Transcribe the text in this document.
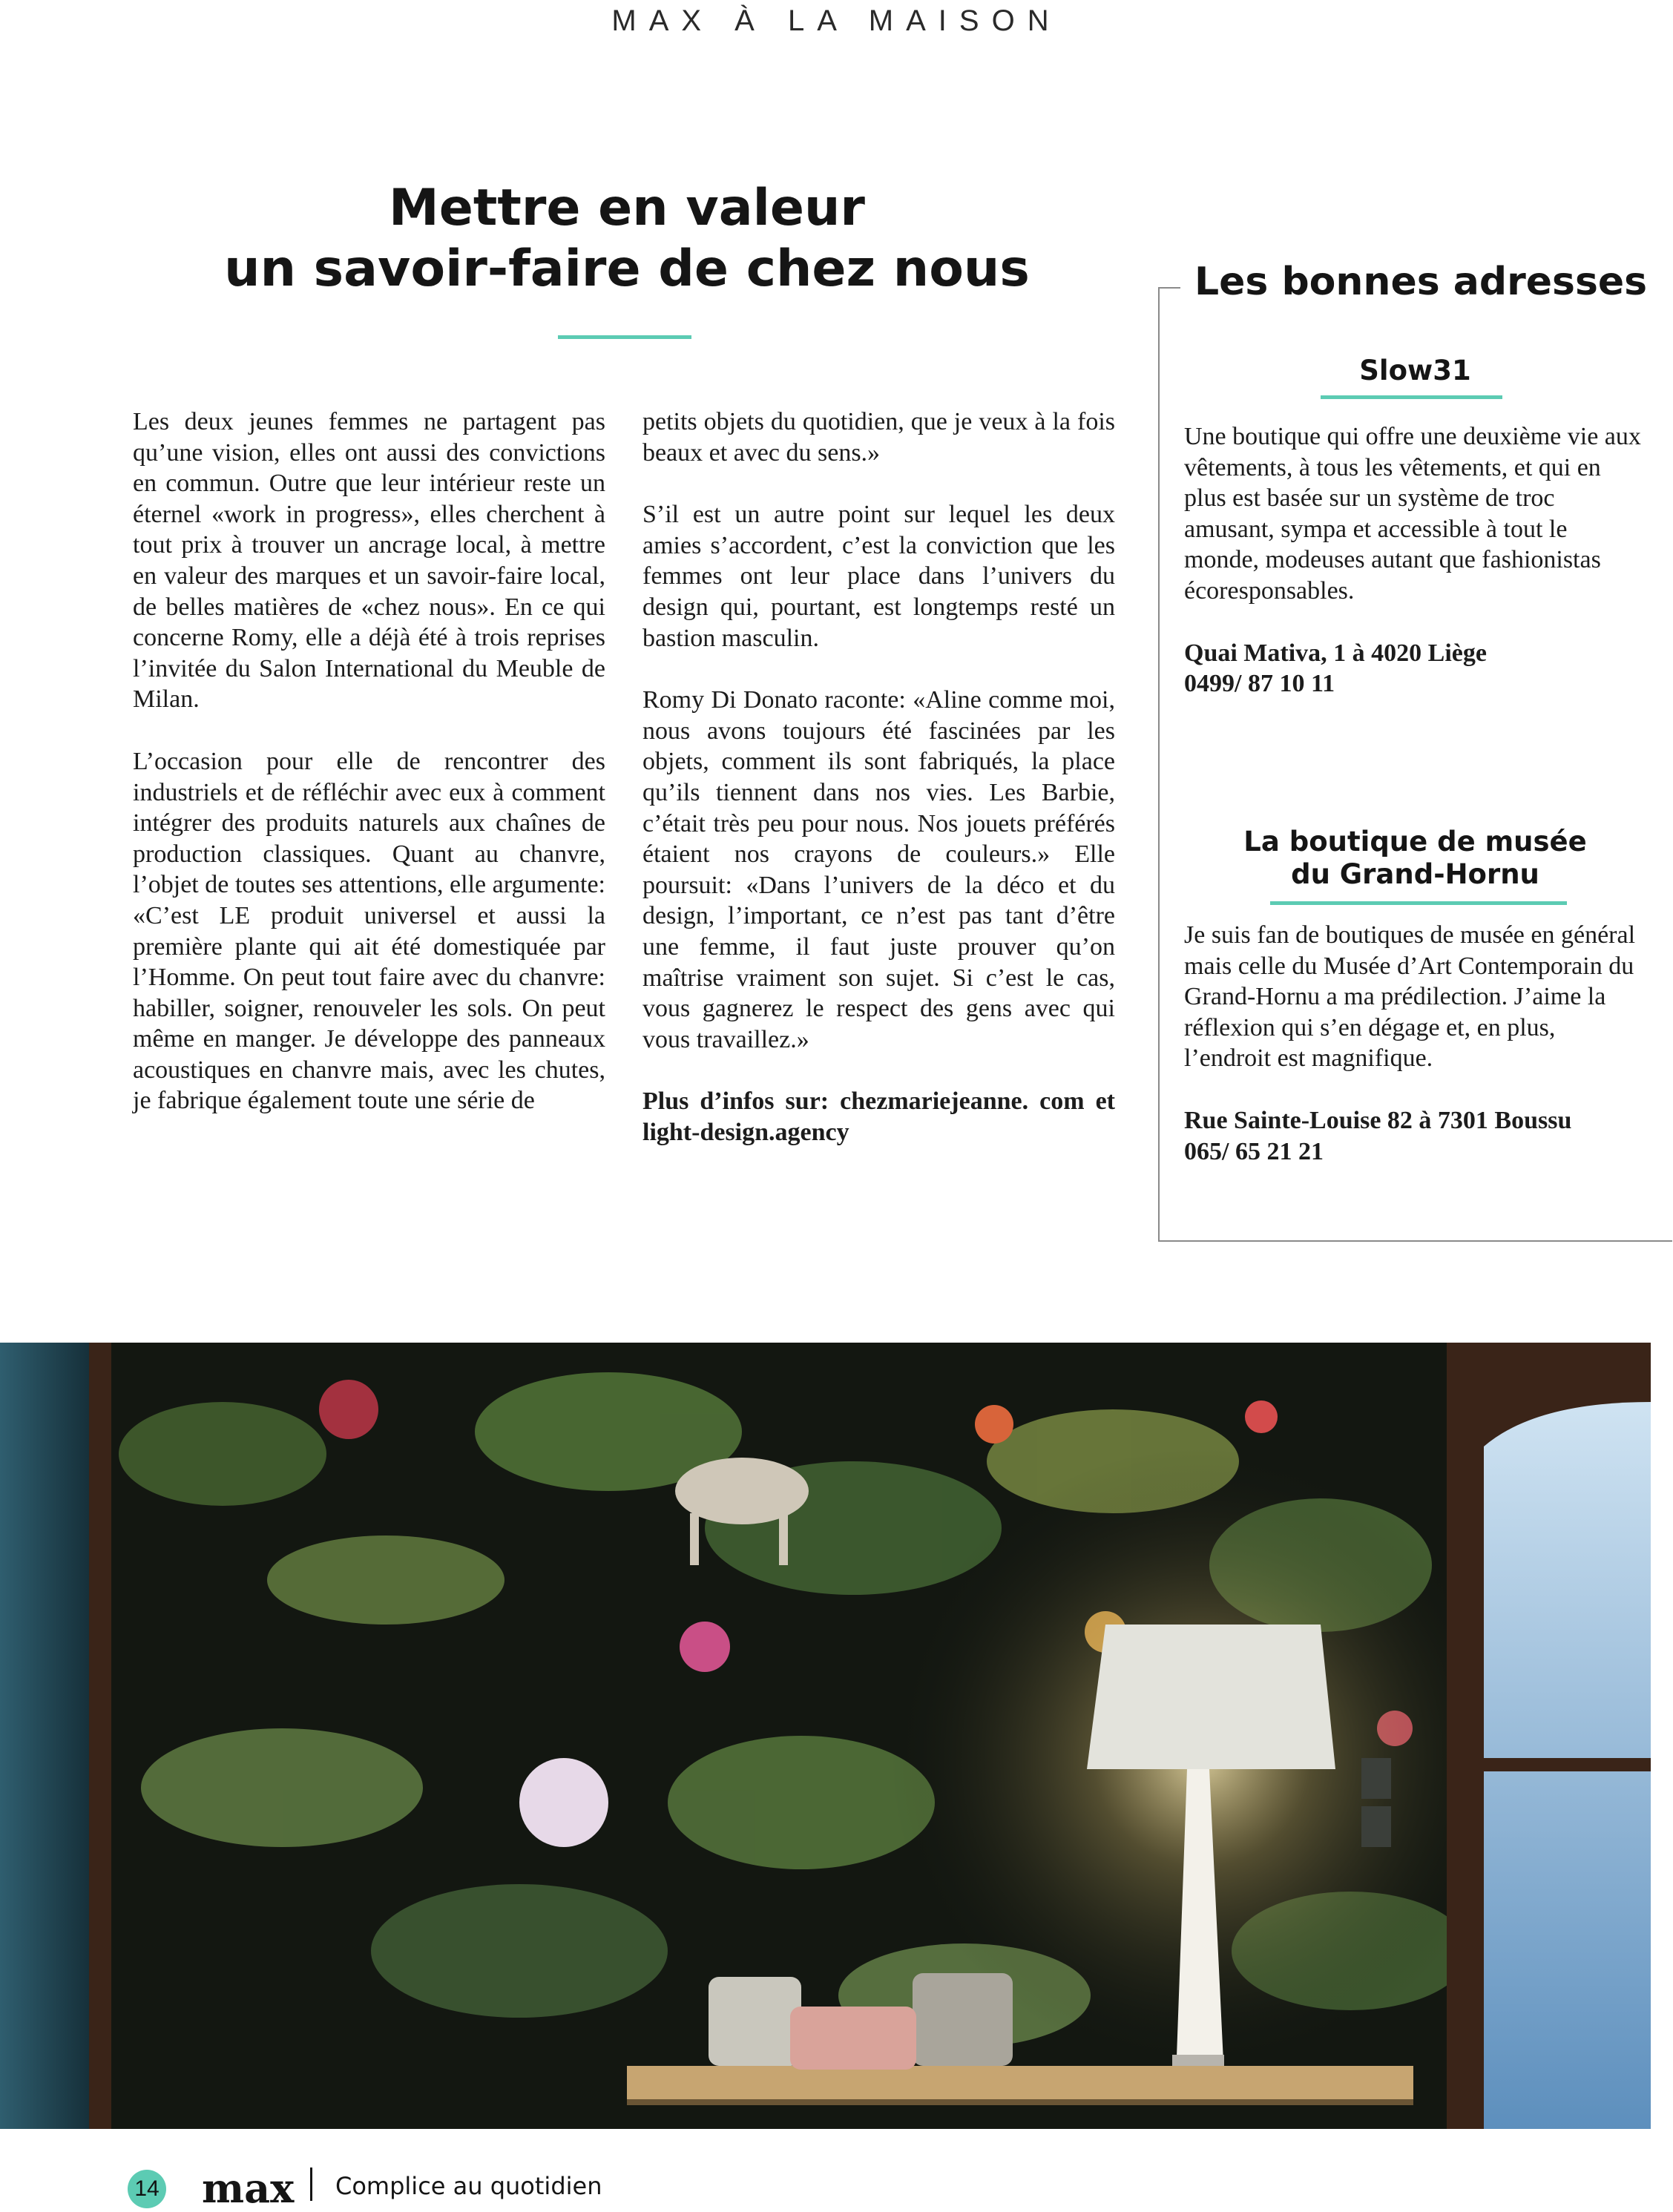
MAX À LA MAISON
Mettre en valeur
un savoir-faire de chez nous

Les deux jeunes femmes ne partagent pas qu’une vision, elles ont aussi des convictions en commun. Outre que leur intérieur reste un éternel «work in progress», elles cherchent à tout prix à trouver un ancrage local, à mettre en valeur des marques et un savoir-faire local, de belles matières de «chez nous». En ce qui concerne Romy, elle a déjà été à trois reprises l’invitée du Salon International du Meuble de Milan.

L’occasion pour elle de rencontrer des industriels et de réfléchir avec eux à comment intégrer des produits naturels aux chaînes de production classiques. Quant au chanvre, l’objet de toutes ses attentions, elle argumente: «C’est LE produit universel et aussi la première plante qui ait été domestiquée par l’Homme. On peut tout faire avec du chanvre: habiller, soigner, renouveler les sols. On peut même en manger. Je développe des panneaux acoustiques en chanvre mais, avec les chutes, je fabrique également toute une série de

petits objets du quotidien, que je veux à la fois beaux et avec du sens.»

S’il est un autre point sur lequel les deux amies s’accordent, c’est la conviction que les femmes ont leur place dans l’univers du design qui, pourtant, est longtemps resté un bastion masculin.

Romy Di Donato raconte: «Aline comme moi, nous avons toujours été fascinées par les objets, comment ils sont fabriqués, la place qu’ils tiennent dans nos vies. Les Barbie, c’était très peu pour nous. Nos jouets préférés étaient nos crayons de couleurs.» Elle poursuit: «Dans l’univers de la déco et du design, l’important, ce n’est pas tant d’être une femme, il faut juste prouver qu’on maîtrise vraiment son sujet. Si c’est le cas, vous gagnerez le respect des gens avec qui vous travaillez.»

Plus d’infos sur: chezmariejeanne. com et light-design.agency

Les bonnes adresses
Slow31
Une boutique qui offre une deuxième vie aux vêtements, à tous les vêtements, et qui en plus est basée sur un système de troc amusant, sympa et accessible à tout le monde, modeuses autant que fashionistas écoresponsables.
Quai Mativa, 1 à 4020 Liège
0499/ 87 10 11
La boutique de musée
du Grand-Hornu
Je suis fan de boutiques de musée en général mais celle du Musée d’Art Contemporain du Grand-Hornu a ma prédilection. J’aime la réflexion qui s’en dégage et, en plus, l’endroit est magnifique.
Rue Sainte-Louise 82 à 7301 Boussu
065/ 65 21 21
14 max Complice au quotidien
